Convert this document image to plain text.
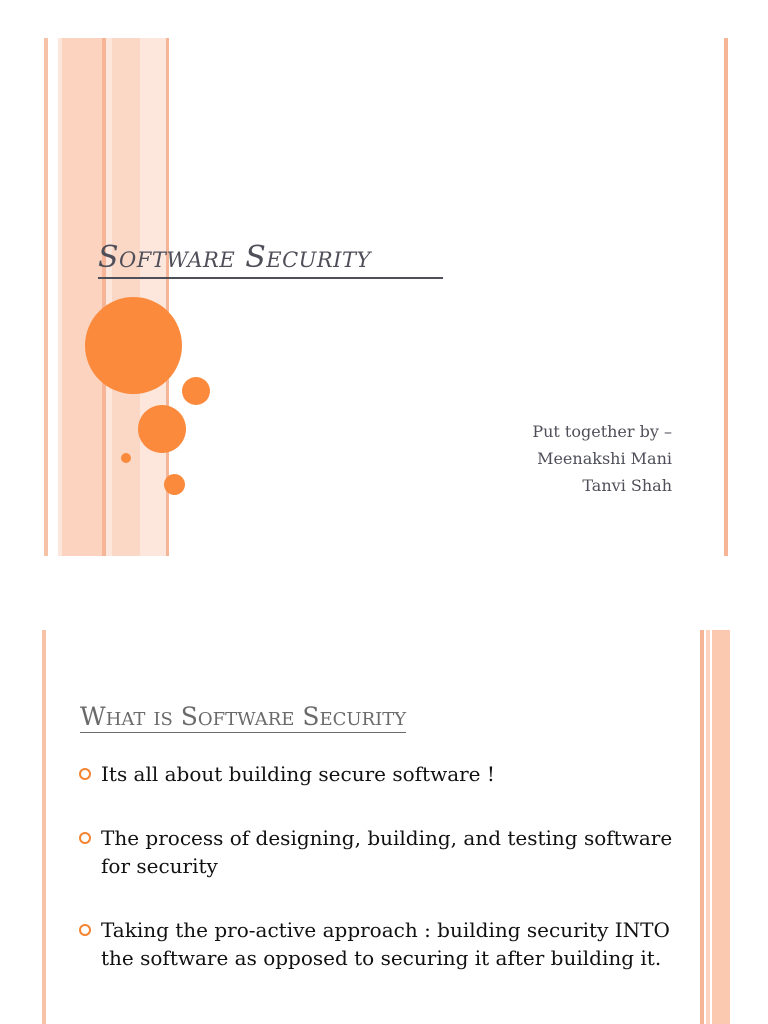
Software Security
Put together by –
Meenakshi Mani
Tanvi Shah
What is Software Security
Its all about building secure software !
The process of designing, building, and testing software for security
Taking the pro-active approach : building security INTO the software as opposed to securing it after building it.
